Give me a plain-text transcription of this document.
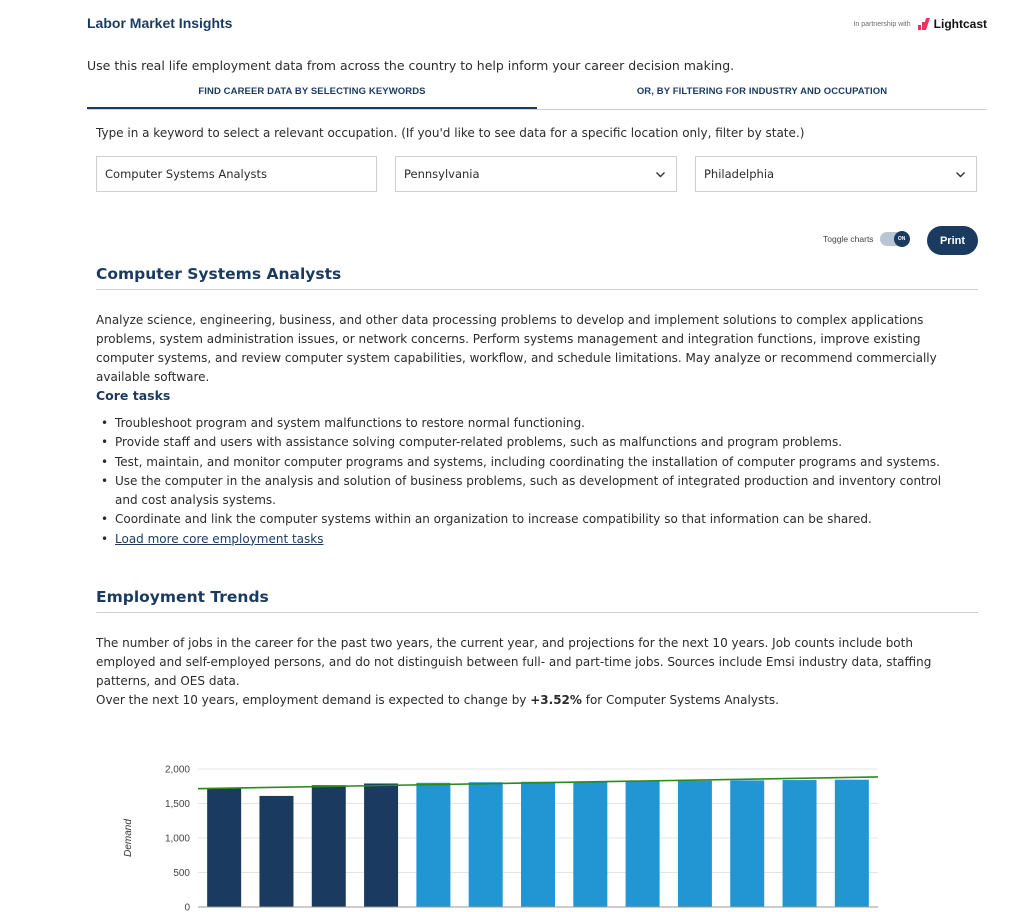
Labor Market Insights	In partnership with Lightcast
Use this real life employment data from across the country to help inform your career decision making.
FIND CAREER DATA BY SELECTING KEYWORDS	OR, BY FILTERING FOR INDUSTRY AND OCCUPATION
Type in a keyword to select a relevant occupation. (If you'd like to see data for a specific location only, filter by state.)
Computer Systems Analysts	Pennsylvania	Philadelphia
Toggle charts	ON	Print
Computer Systems Analysts
Analyze science, engineering, business, and other data processing problems to develop and implement solutions to complex applications problems, system administration issues, or network concerns. Perform systems management and integration functions, improve existing computer systems, and review computer system capabilities, workflow, and schedule limitations. May analyze or recommend commercially available software.
Core tasks
• Troubleshoot program and system malfunctions to restore normal functioning.
• Provide staff and users with assistance solving computer-related problems, such as malfunctions and program problems.
• Test, maintain, and monitor computer programs and systems, including coordinating the installation of computer programs and systems.
• Use the computer in the analysis and solution of business problems, such as development of integrated production and inventory control and cost analysis systems.
• Coordinate and link the computer systems within an organization to increase compatibility so that information can be shared.
• Load more core employment tasks
Employment Trends
The number of jobs in the career for the past two years, the current year, and projections for the next 10 years. Job counts include both employed and self-employed persons, and do not distinguish between full- and part-time jobs. Sources include Emsi industry data, staffing patterns, and OES data.
Over the next 10 years, employment demand is expected to change by +3.52% for Computer Systems Analysts.
0
500
1,000
1,500
2,000
Demand
